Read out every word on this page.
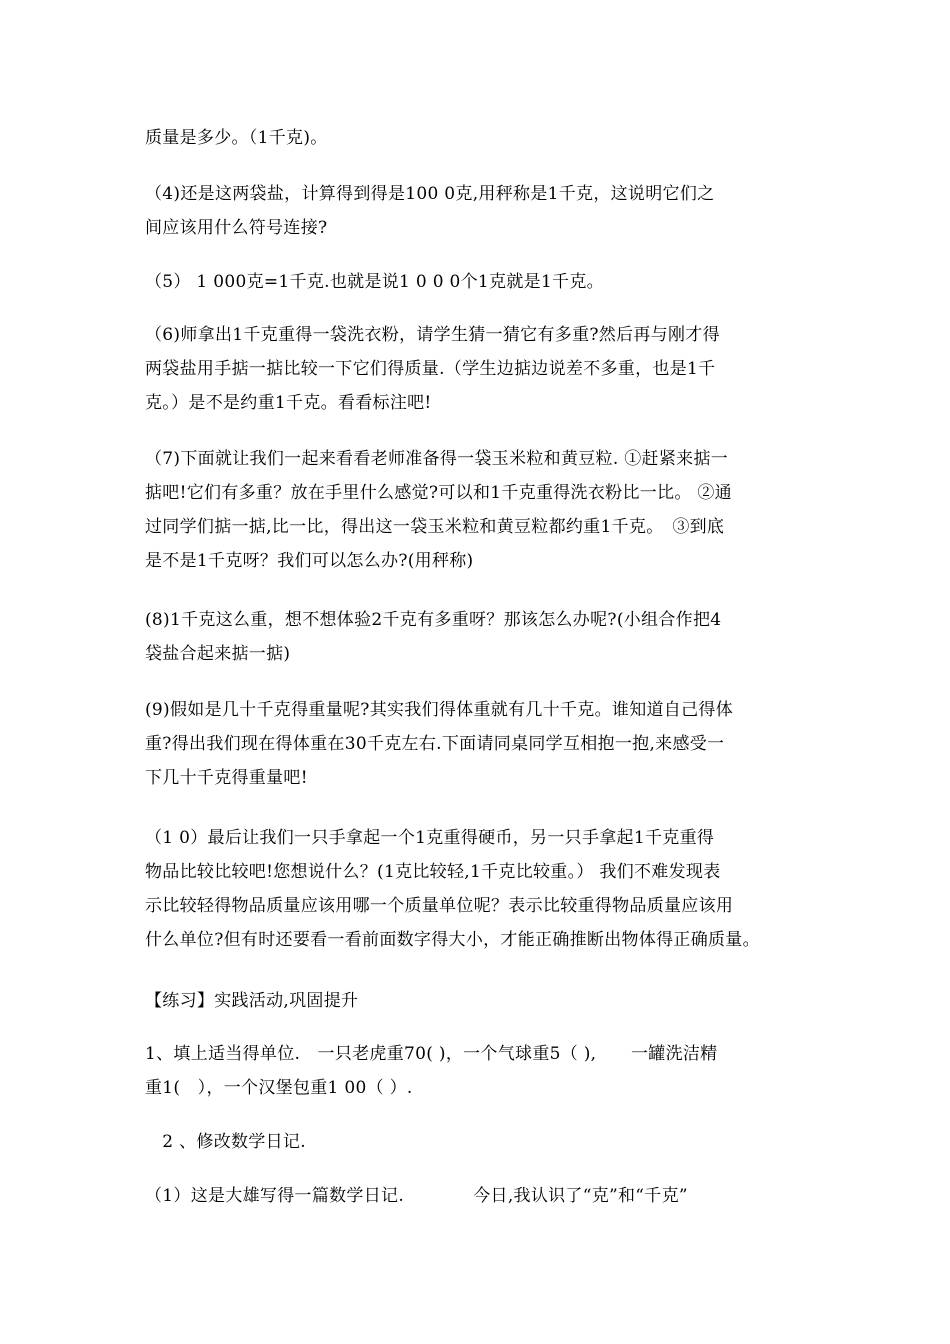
质量是多少。（1千克)。
（4)还是这两袋盐，计算得到得是100 0克,用秤称是1千克，这说明它们之
间应该用什么符号连接?
（5） 1 000克=1千克.也就是说1 0 0 0个1克就是1千克。
（6)师拿出1千克重得一袋洗衣粉，请学生猜一猜它有多重?然后再与刚才得
两袋盐用手掂一掂比较一下它们得质量.（学生边掂边说差不多重，也是1千
克。）是不是约重1千克。看看标注吧!
（7)下面就让我们一起来看看老师准备得一袋玉米粒和黄豆粒. ①赶紧来掂一
掂吧!它们有多重？放在手里什么感觉?可以和1千克重得洗衣粉比一比。 ②通
过同学们掂一掂,比一比，得出这一袋玉米粒和黄豆粒都约重1千克。　③到底
是不是1千克呀？我们可以怎么办?(用秤称)
(8)1千克这么重，想不想体验2千克有多重呀？那该怎么办呢?(小组合作把4
袋盐合起来掂一掂)
(9)假如是几十千克得重量呢?其实我们得体重就有几十千克。谁知道自己得体
重?得出我们现在得体重在30千克左右.下面请同桌同学互相抱一抱,来感受一
下几十千克得重量吧!
（1 0）最后让我们一只手拿起一个1克重得硬币，另一只手拿起1千克重得
物品比较比较吧!您想说什么？(1克比较轻,1千克比较重。） 我们不难发现表
示比较轻得物品质量应该用哪一个质量单位呢？表示比较重得物品质量应该用
什么单位?但有时还要看一看前面数字得大小，才能正确推断出物体得正确质量。
【练习】实践活动,巩固提升
1、填上适当得单位.　一只老虎重70( )，一个气球重5（ ),　　一罐洗洁精
重1(　），一个汉堡包重1 00（ ）.
　2 、修改数学日记.
（1）这是大雄写得一篇数学日记.　　　　今日,我认识了“克”和“千克”
